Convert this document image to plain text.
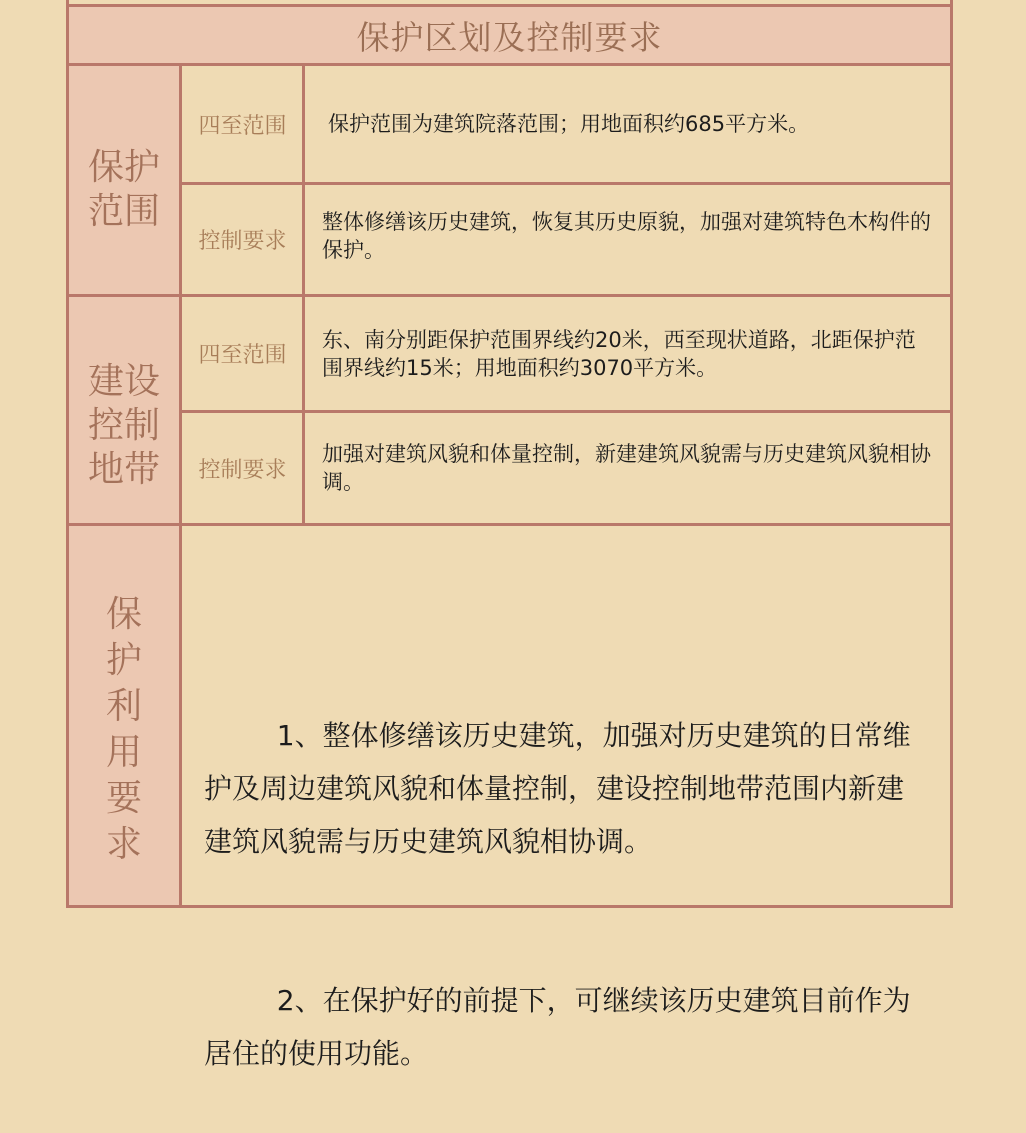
保护区划及控制要求
保护
范围
四至范围	保护范围为建筑院落范围；用地面积约685平方米。
控制要求
整体修缮该历史建筑，恢复其历史原貌，加强对建筑特色木构件的保护。
建设
控制
地带
四至范围
东、南分别距保护范围界线约20米，西至现状道路，北距保护范围界线约15米；用地面积约3070平方米。
控制要求
加强对建筑风貌和体量控制，新建建筑风貌需与历史建筑风貌相协调。
保
护
利
用
要
求

1、整体修缮该历史建筑，加强对历史建筑的日常维护及周边建筑风貌和体量控制，建设控制地带范围内新建建筑风貌需与历史建筑风貌相协调。

2、在保护好的前提下，可继续该历史建筑目前作为居住的使用功能。
